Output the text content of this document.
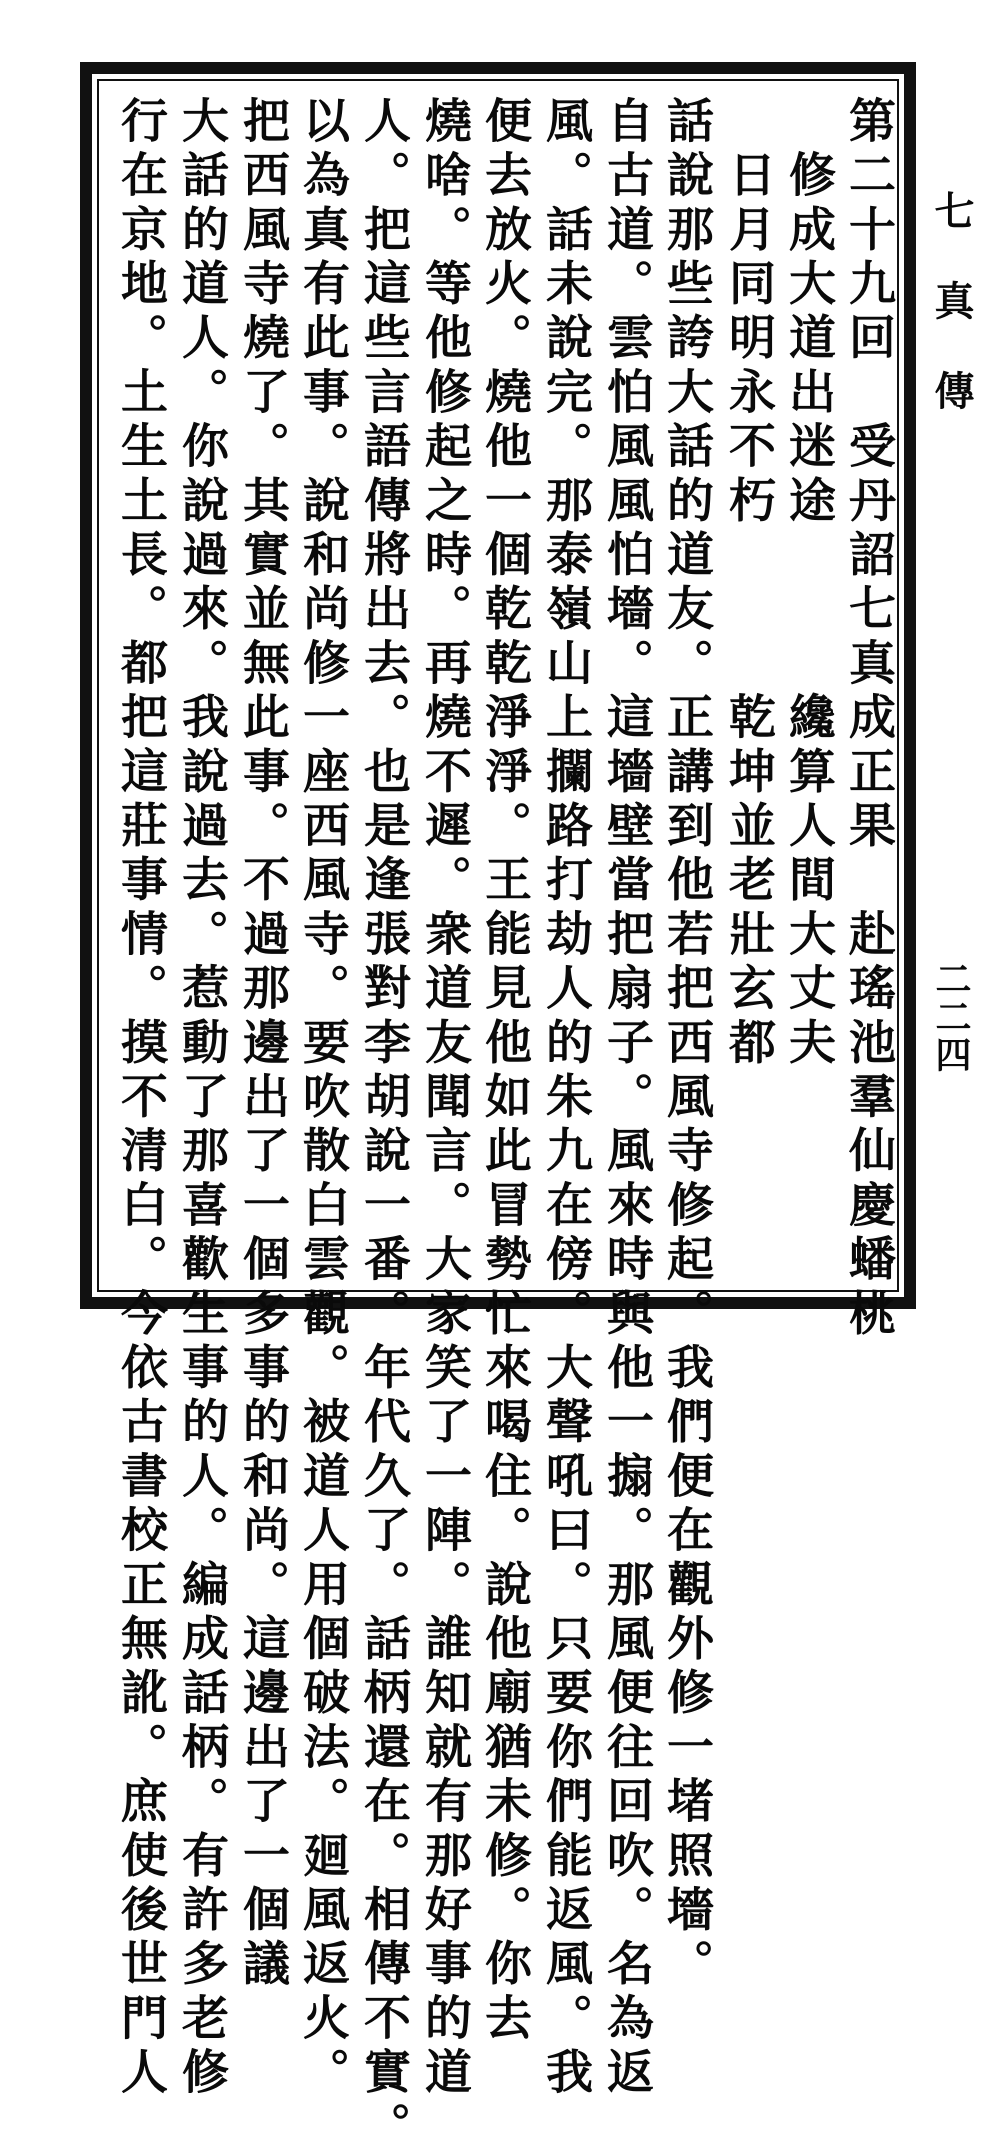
第二十九回　受丹詔七真成正果　赴瑤池羣仙慶蟠桃
　修成大道出迷途　　　纔算人間大丈夫
　日月同明永不朽　　　乾坤並老壯玄都
話說那些誇大話的道友。正講到他若把西風寺修起。我們便在觀外修一堵照墻。
自古道。雲怕風風怕墻。這墻壁當把扇子。風來時與他一搧。那風便往回吹。名為返
風。話未說完。那泰嶺山上攔路打劫人的朱九在傍。大聲吼曰。只要你們能返風。我
便去放火。燒他一個乾乾淨淨。王能見他如此冒勢忙來喝住。說他廟猶未修。你去
燒啥。等他修起之時。再燒不遲。衆道友聞言。大家笑了一陣。誰知就有那好事的道
人。把這些言語傳將出去。也是逢張對李胡說一番。年代久了。話柄還在。相傳不實。
以為真有此事。說和尚修一座西風寺。要吹散白雲觀。被道人用個破法。廻風返火。
把西風寺燒了。其實並無此事。不過那邊出了一個多事的和尚。這邊出了一個議
大話的道人。你說過來。我說過去。惹動了那喜歡生事的人。編成話柄。有許多老修
行在京地。土生土長。都把這莊事情。摸不清白。今依古書校正無訛。庶使後世門人	七真傳
二二四
